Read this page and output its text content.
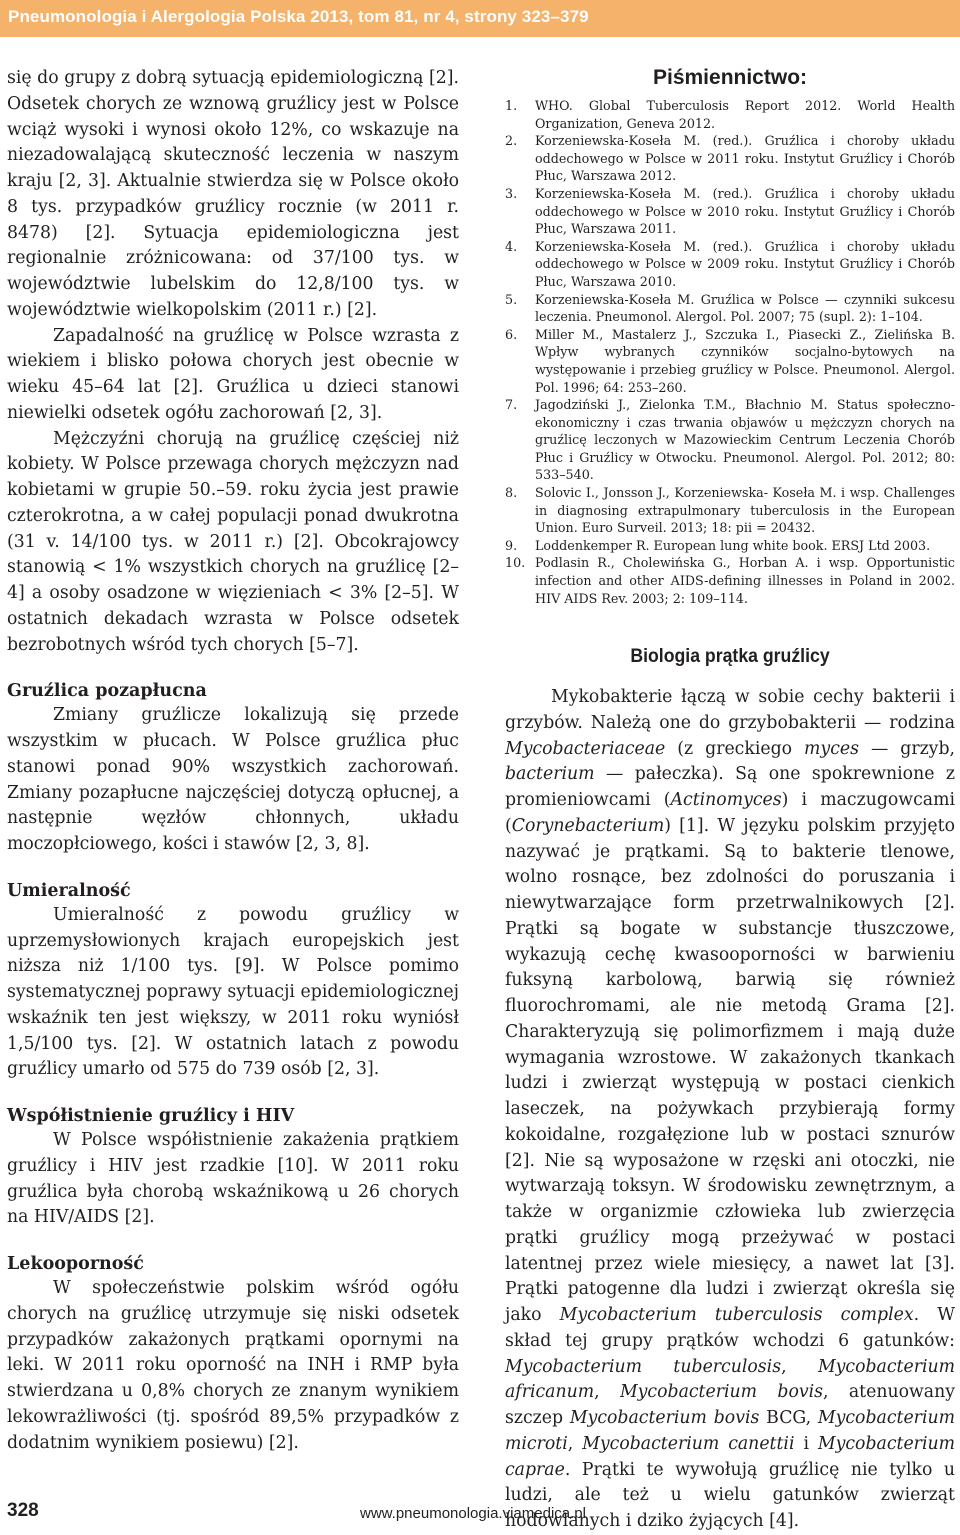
Pneumonologia i Alergologia Polska 2013, tom 81, nr 4, strony 323–379

się do grupy z dobrą sytuacją epidemiologiczną [2]. Odsetek chorych ze wznową gruźlicy jest w Polsce wciąż wysoki i wynosi około 12%, co wskazuje na niezadowalającą skuteczność leczenia w naszym kraju [2, 3]. Aktualnie stwierdza się w Polsce około 8 tys. przypadków gruźlicy rocznie (w 2011 r. 8478) [2]. Sytuacja epidemiologiczna jest regionalnie zróżnicowana: od 37/100 tys. w województwie lubelskim do 12,8/100 tys. w województwie wielkopolskim (2011 r.) [2].

Zapadalność na gruźlicę w Polsce wzrasta z wiekiem i blisko połowa chorych jest obecnie w wieku 45–64 lat [2]. Gruźlica u dzieci stanowi niewielki odsetek ogółu zachorowań [2, 3].

Mężczyźni chorują na gruźlicę częściej niż kobiety. W Polsce przewaga chorych mężczyzn nad kobietami w grupie 50.–59. roku życia jest prawie czterokrotna, a w całej populacji ponad dwukrotna (31 v. 14/100 tys. w 2011 r.) [2]. Obcokrajowcy stanowią < 1% wszystkich chorych na gruźlicę [2–4] a osoby osadzone w więzieniach < 3% [2–5]. W ostatnich dekadach wzrasta w Polsce odsetek bezrobotnych wśród tych chorych [5–7].

Gruźlica pozapłucna

Zmiany gruźlicze lokalizują się przede wszystkim w płucach. W Polsce gruźlica płuc stanowi ponad 90% wszystkich zachorowań. Zmiany pozapłucne najczęściej dotyczą opłucnej, a następnie węzłów chłonnych, układu moczopłciowego, kości i stawów [2, 3, 8].

Umieralność

Umieralność z powodu gruźlicy w uprzemysłowionych krajach europejskich jest niższa niż 1/100 tys. [9]. W Polsce pomimo systematycznej poprawy sytuacji epidemiologicznej wskaźnik ten jest większy, w 2011 roku wyniósł 1,5/100 tys. [2]. W ostatnich latach z powodu gruźlicy umarło od 575 do 739 osób [2, 3].

Współistnienie gruźlicy i HIV

W Polsce współistnienie zakażenia prątkiem gruźlicy i HIV jest rzadkie [10]. W 2011 roku gruźlica była chorobą wskaźnikową u 26 chorych na HIV/AIDS [2].

Lekooporność

W społeczeństwie polskim wśród ogółu chorych na gruźlicę utrzymuje się niski odsetek przypadków zakażonych prątkami opornymi na leki. W 2011 roku oporność na INH i RMP była stwierdzana u 0,8% chorych ze znanym wynikiem lekowrażliwości (tj. spośród 89,5% przypadków z dodatnim wynikiem posiewu) [2].

Piśmiennictwo:
1.	WHO. Global Tuberculosis Report 2012. World Health Organization, Geneva 2012.
2.	Korzeniewska-Koseła M. (red.). Gruźlica i choroby układu oddechowego w Polsce w 2011 roku. Instytut Gruźlicy i Chorób Płuc, Warszawa 2012.
3.	Korzeniewska-Koseła M. (red.). Gruźlica i choroby układu oddechowego w Polsce w 2010 roku. Instytut Gruźlicy i Chorób Płuc, Warszawa 2011.
4.	Korzeniewska-Koseła M. (red.). Gruźlica i choroby układu oddechowego w Polsce w 2009 roku. Instytut Gruźlicy i Chorób Płuc, Warszawa 2010.
5.	Korzeniewska-Koseła M. Gruźlica w Polsce — czynniki sukcesu leczenia. Pneumonol. Alergol. Pol. 2007; 75 (supl. 2): 1–104.
6.	Miller M., Mastalerz J., Szczuka I., Piasecki Z., Zielińska B. Wpływ wybranych czynników socjalno-bytowych na występowanie i przebieg gruźlicy w Polsce. Pneumonol. Alergol. Pol. 1996; 64: 253–260.
7.	Jagodziński J., Zielonka T.M., Błachnio M. Status społeczno-ekonomiczny i czas trwania objawów u mężczyzn chorych na gruźlicę leczonych w Mazowieckim Centrum Leczenia Chorób Płuc i Gruźlicy w Otwocku. Pneumonol. Alergol. Pol. 2012; 80: 533–540.
8.	Solovic I., Jonsson J., Korzeniewska- Koseła M. i wsp. Challenges in diagnosing extrapulmonary tuberculosis in the European Union. Euro Surveil. 2013; 18: pii = 20432.
9.	Loddenkemper R. European lung white book. ERSJ Ltd 2003.
10. Podlasin R., Cholewińska G., Horban A. i wsp. Opportunistic infection and other AIDS-defining illnesses in Poland in 2002. HIV AIDS Rev. 2003; 2: 109–114.
Biologia prątka gruźlicy

Mykobakterie łączą w sobie cechy bakterii i grzybów. Należą one do grzybobakterii — rodzina Mycobacteriaceae (z greckiego myces — grzyb, bacterium — pałeczka). Są one spokrewnione z promieniowcami (Actinomyces) i maczugowcami (Corynebacterium) [1]. W języku polskim przyjęto nazywać je prątkami. Są to bakterie tlenowe, wolno rosnące, bez zdolności do poruszania i niewytwarzające form przetrwalnikowych [2]. Prątki są bogate w substancje tłuszczowe, wykazują cechę kwasooporności w barwieniu fuksyną karbolową, barwią się również fluorochromami, ale nie metodą Grama [2]. Charakteryzują się polimorfizmem i mają duże wymagania wzrostowe. W zakażonych tkankach ludzi i zwierząt występują w postaci cienkich laseczek, na pożywkach przybierają formy kokoidalne, rozgałęzione lub w postaci sznurów [2]. Nie są wyposażone w rzęski ani otoczki, nie wytwarzają toksyn. W środowisku zewnętrznym, a także w organizmie człowieka lub zwierzęcia prątki gruźlicy mogą przeżywać w postaci latentnej przez wiele miesięcy, a nawet lat [3]. Prątki patogenne dla ludzi i zwierząt określa się jako Mycobacterium tuberculosis complex. W skład tej grupy prątków wchodzi 6 gatunków: Mycobacterium tuberculosis, Mycobacterium africanum, Mycobacterium bovis, atenuowany szczep Mycobacterium bovis BCG, Mycobacterium microti, Mycobacterium canettii i Mycobacterium caprae. Prątki te wywołują gruźlicę nie tylko u ludzi, ale też u wielu gatunków zwierząt hodowlanych i dziko żyjących [4].

328	www.pneumonologia.viamedica.pl
